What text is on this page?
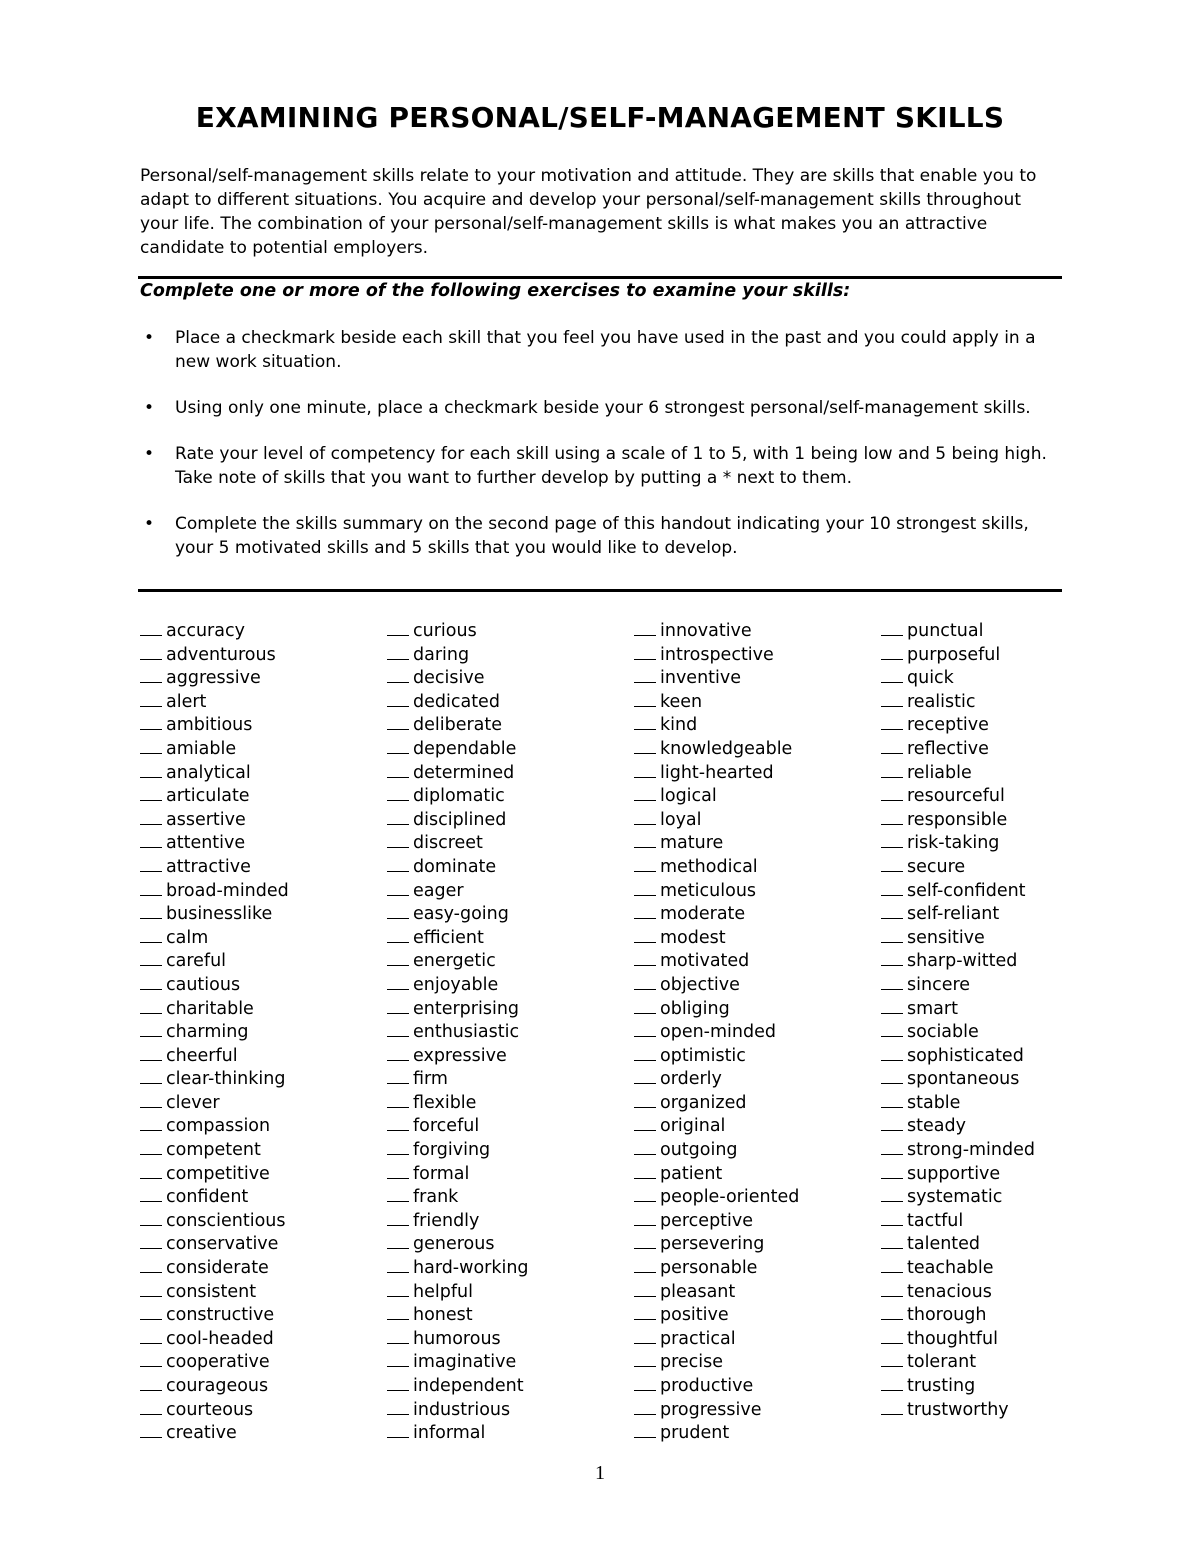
EXAMINING PERSONAL/SELF-MANAGEMENT SKILLS
Personal/self-management skills relate to your motivation and attitude. They are skills that enable you to adapt to different situations. You acquire and develop your personal/self-management skills throughout your life. The combination of your personal/self-management skills is what makes you an attractive candidate to potential employers.
Complete one or more of the following exercises to examine your skills:
• Place a checkmark beside each skill that you feel you have used in the past and you could apply in a new work situation.
• Using only one minute, place a checkmark beside your 6 strongest personal/self-management skills.
• Rate your level of competency for each skill using a scale of 1 to 5, with 1 being low and 5 being high. Take note of skills that you want to further develop by putting a * next to them.
• Complete the skills summary on the second page of this handout indicating your 10 strongest skills, your 5 motivated skills and 5 skills that you would like to develop.
accuracy
adventurous
aggressive
alert
ambitious
amiable
analytical
articulate
assertive
attentive
attractive
broad-minded
businesslike
calm
careful
cautious
charitable
charming
cheerful
clear-thinking
clever
compassion
competent
competitive
confident
conscientious
conservative
considerate
consistent
constructive
cool-headed
cooperative
courageous
courteous
creative
curious
daring
decisive
dedicated
deliberate
dependable
determined
diplomatic
disciplined
discreet
dominate
eager
easy-going
efficient
energetic
enjoyable
enterprising
enthusiastic
expressive
firm
flexible
forceful
forgiving
formal
frank
friendly
generous
hard-working
helpful
honest
humorous
imaginative
independent
industrious
informal
innovative
introspective
inventive
keen
kind
knowledgeable
light-hearted
logical
loyal
mature
methodical
meticulous
moderate
modest
motivated
objective
obliging
open-minded
optimistic
orderly
organized
original
outgoing
patient
people-oriented
perceptive
persevering
personable
pleasant
positive
practical
precise
productive
progressive
prudent
punctual
purposeful
quick
realistic
receptive
reflective
reliable
resourceful
responsible
risk-taking
secure
self-confident
self-reliant
sensitive
sharp-witted
sincere
smart
sociable
sophisticated
spontaneous
stable
steady
strong-minded
supportive
systematic
tactful
talented
teachable
tenacious
thorough
thoughtful
tolerant
trusting
trustworthy
1
